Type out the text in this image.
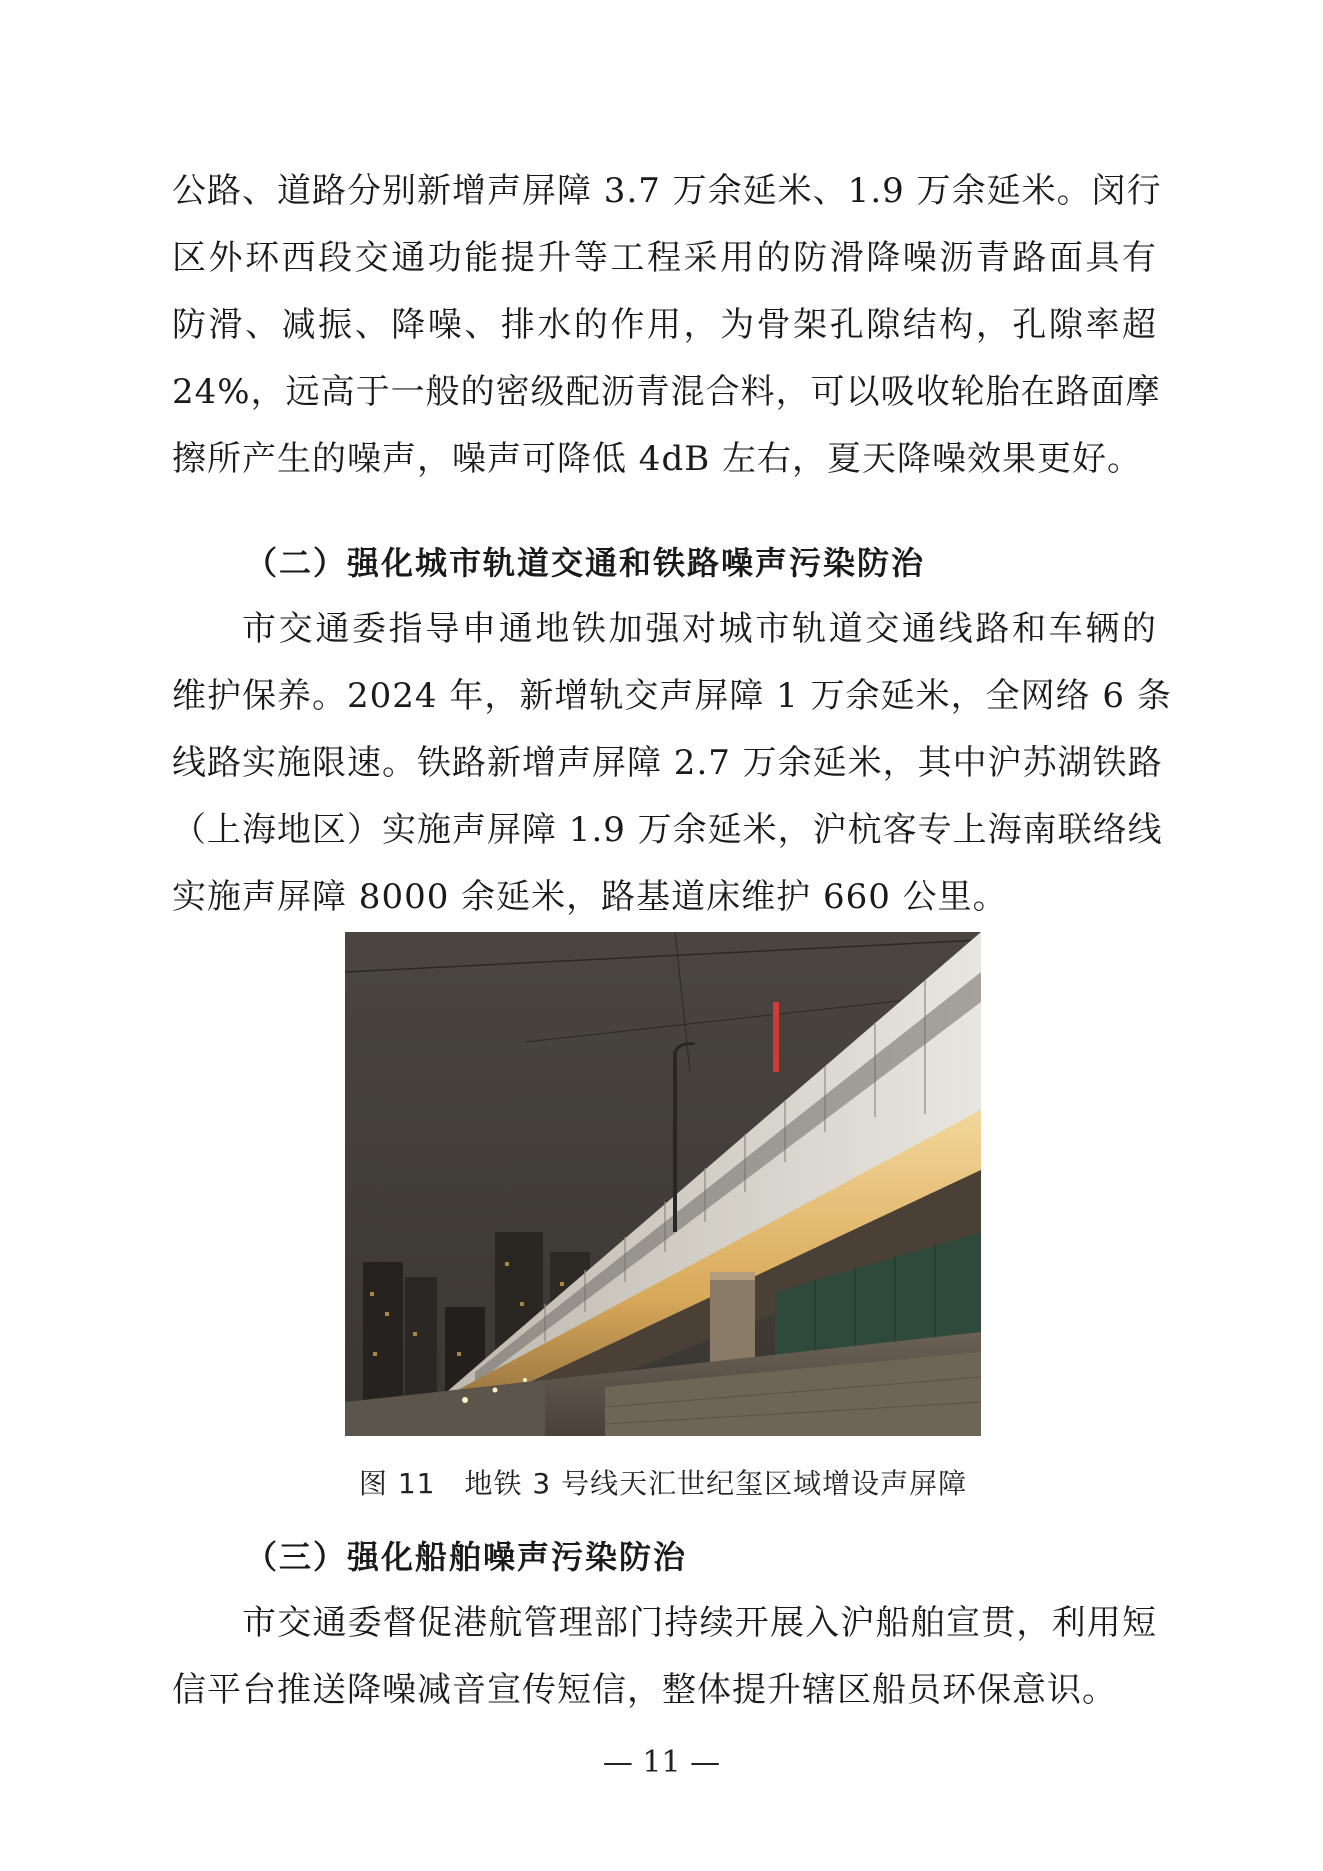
公路、道路分别新增声屏障 3.7 万余延米、1.9 万余延米。闵行
区外环西段交通功能提升等工程采用的防滑降噪沥青路面具有
防滑、减振、降噪、排水的作用，为骨架孔隙结构，孔隙率超
24%，远高于一般的密级配沥青混合料，可以吸收轮胎在路面摩
擦所产生的噪声，噪声可降低 4dB 左右，夏天降噪效果更好。
（二）强化城市轨道交通和铁路噪声污染防治
市交通委指导申通地铁加强对城市轨道交通线路和车辆的
维护保养。2024 年，新增轨交声屏障 1 万余延米，全网络 6 条
线路实施限速。铁路新增声屏障 2.7 万余延米，其中沪苏湖铁路
（上海地区）实施声屏障 1.9 万余延米，沪杭客专上海南联络线
实施声屏障 8000 余延米，路基道床维护 660 公里。
图 11　地铁 3 号线天汇世纪玺区域增设声屏障
（三）强化船舶噪声污染防治
市交通委督促港航管理部门持续开展入沪船舶宣贯，利用短
信平台推送降噪减音宣传短信，整体提升辖区船员环保意识。
— 11 —
